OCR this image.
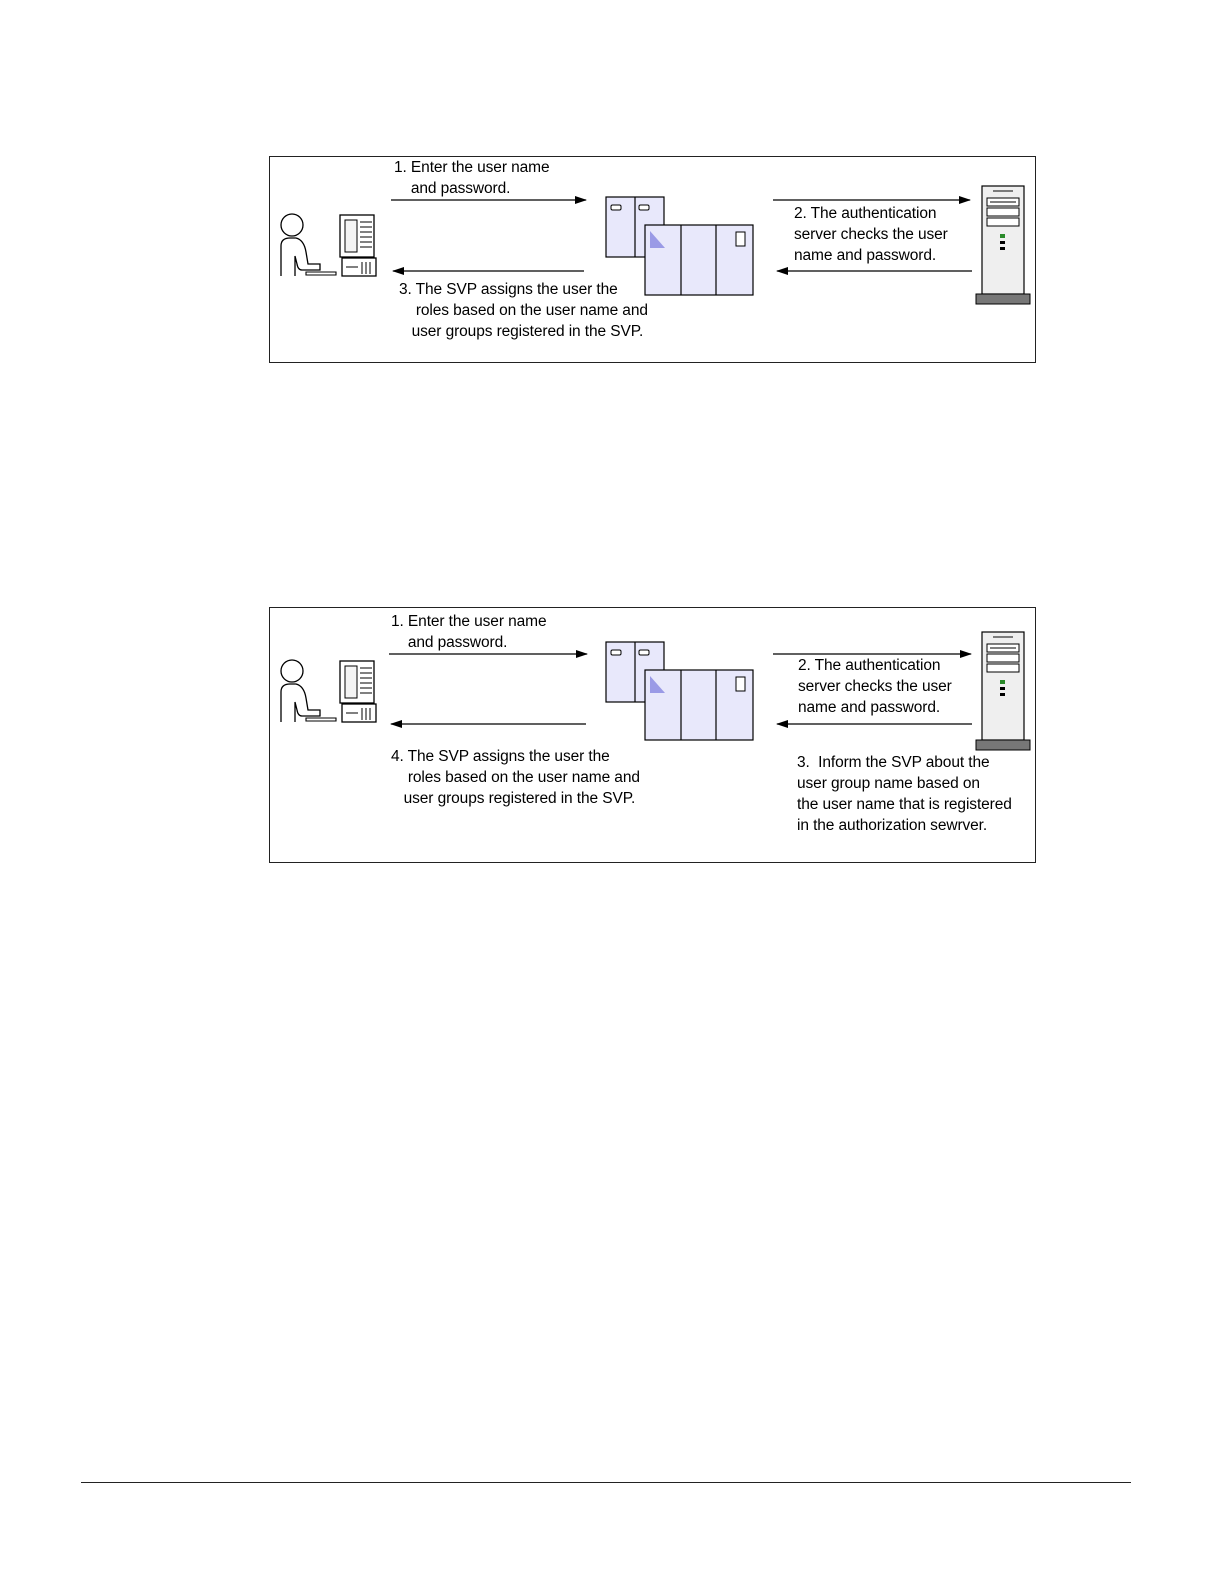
1. Enter the user name
and password.
2. The authentication
server checks the user
name and password.
3. The SVP assigns the user the
roles based on the user name and
user groups registered in the SVP.
1. Enter the user name
and password.
2. The authentication
server checks the user
name and password.
3.  Inform the SVP about the
user group name based on
the user name that is registered
in the authorization sewrver.
4. The SVP assigns the user the
roles based on the user name and
user groups registered in the SVP.
